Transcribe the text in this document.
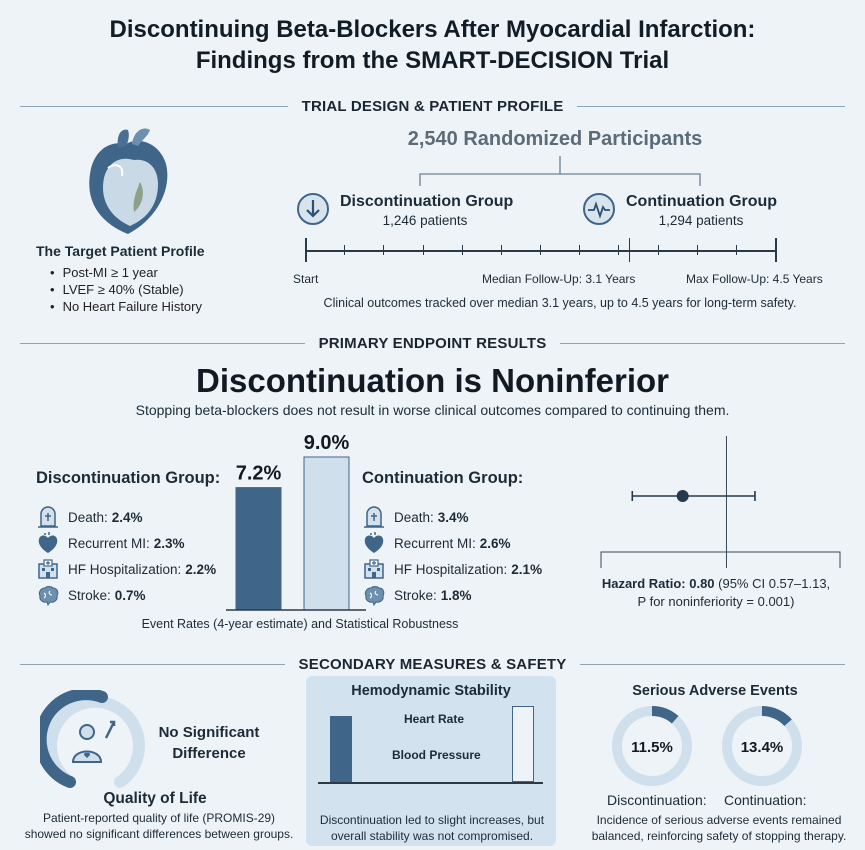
Discontinuing Beta-Blockers After Myocardial Infarction:
Findings from the SMART-DECISION Trial
TRIAL DESIGN & PATIENT PROFILE
The Target Patient Profile
• Post-MI ≥ 1 year
• LVEF ≥ 40% (Stable)
• No Heart Failure History
2,540 Randomized Participants
Discontinuation Group
1,246 patients
Continuation Group
1,294 patients
Start	Median Follow-Up: 3.1 Years	Max Follow-Up: 4.5 Years
Clinical outcomes tracked over median 3.1 years, up to 4.5 years for long-term safety.
PRIMARY ENDPOINT RESULTS
Discontinuation is Noninferior
Stopping beta-blockers does not result in worse clinical outcomes compared to continuing them.
Discontinuation Group:
Death: 2.4%
Recurrent MI: 2.3%
HF Hospitalization: 2.2%
Stroke: 0.7%
7.2%
9.0%
Continuation Group:
Death: 3.4%
Recurrent MI: 2.6%
HF Hospitalization: 2.1%
Stroke: 1.8%
Event Rates (4-year estimate) and Statistical Robustness
Hazard Ratio: 0.80 (95% CI 0.57–1.13,
P for noninferiority = 0.001)
SECONDARY MEASURES & SAFETY
No Significant Difference
Quality of Life
Patient-reported quality of life (PROMIS-29) showed no significant differences between groups.
Hemodynamic Stability
Heart Rate
Blood Pressure
Discontinuation led to slight increases, but overall stability was not compromised.
Serious Adverse Events
11.5%	13.4%
Discontinuation: Continuation:
Incidence of serious adverse events remained balanced, reinforcing safety of stopping therapy.
